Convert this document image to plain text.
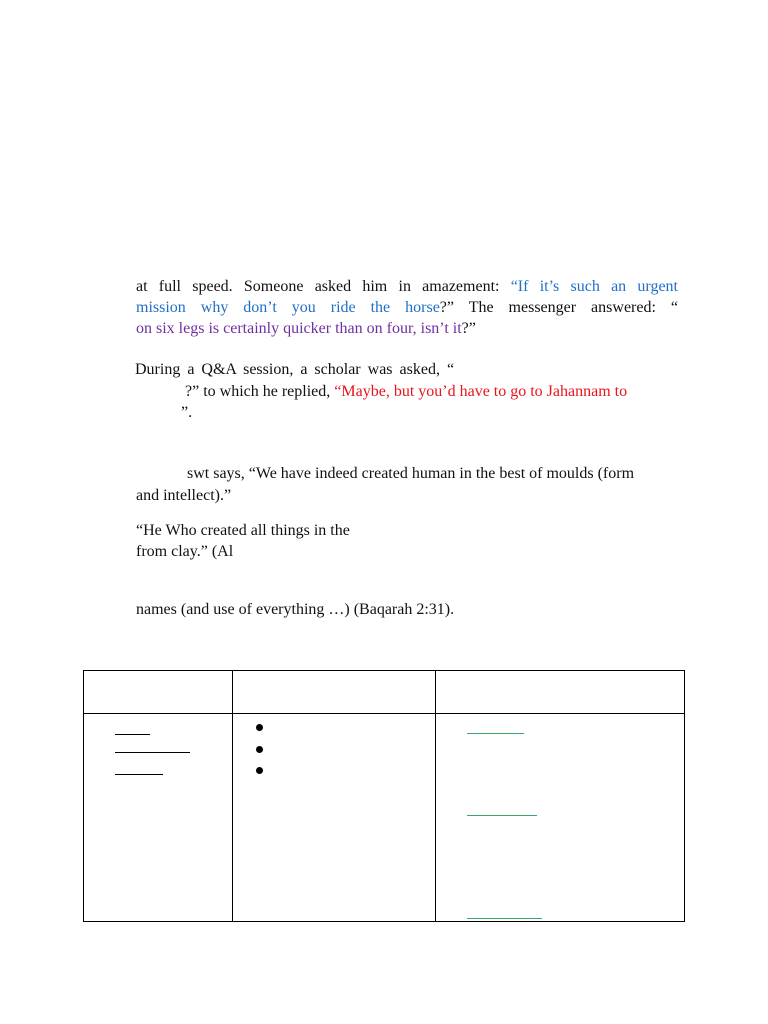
at full speed. Someone asked him in amazement: “If it’s such an urgent
mission why don’t you ride the horse?” The messenger answered: “
on six legs is certainly quicker than on four, isn’t it?”
During a Q&A session, a scholar was asked, “
?” to which he replied, “Maybe, but you’d have to go to Jahannam to
”.
swt says, “We have indeed created human in the best of moulds (form
and intellect).”
“He Who created all things in the
from clay.” (Al
names (and use of everything …) (Baqarah 2:31).
